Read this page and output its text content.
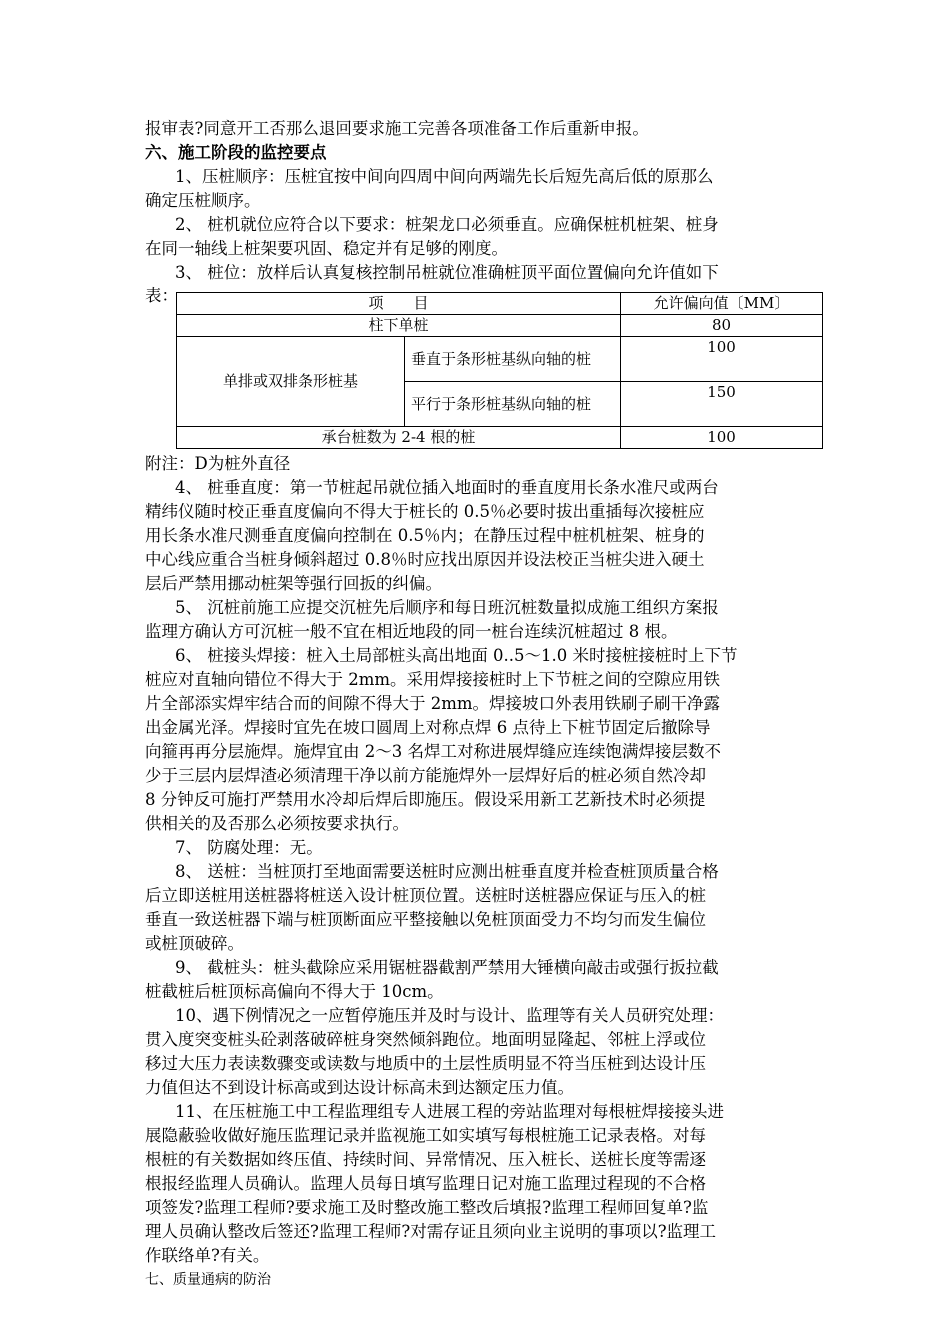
报审表?同意开工否那么退回要求施工完善各项准备工作后重新申报。
六、施工阶段的监控要点
1、压桩顺序：压桩宜按中间向四周中间向两端先长后短先高后低的原那么
确定压桩顺序。
2、 桩机就位应符合以下要求：桩架龙口必须垂直。应确保桩机桩架、桩身
在同一轴线上桩架要巩固、稳定并有足够的刚度。
3、 桩位：放样后认真复核控制吊桩就位准确桩顶平面位置偏向允许值如下
表：	项　　目		允许偏向值〔MM〕
柱下单桩		80
单排或双排条形桩基	垂直于条形桩基纵向轴的桩	100
	平行于条形桩基纵向轴的桩	150
承台桩数为 2-4 根的桩		100
附注：D为桩外直径
4、 桩垂直度：第一节桩起吊就位插入地面时的垂直度用长条水准尺或两台
精纬仪随时校正垂直度偏向不得大于桩长的 0.5％必要时拔出重插每次接桩应
用长条水准尺测垂直度偏向控制在 0.5％内；在静压过程中桩机桩架、桩身的
中心线应重合当桩身倾斜超过 0.8％时应找出原因并设法校正当桩尖进入硬土
层后严禁用挪动桩架等强行回扳的纠偏。
5、 沉桩前施工应提交沉桩先后顺序和每日班沉桩数量拟成施工组织方案报
监理方确认方可沉桩一般不宜在相近地段的同一桩台连续沉桩超过 8 根。
6、 桩接头焊接：桩入土局部桩头高出地面 0..5～1.0 米时接桩接桩时上下节
桩应对直轴向错位不得大于 2mm。采用焊接接桩时上下节桩之间的空隙应用铁
片全部添实焊牢结合而的间隙不得大于 2mm。焊接坡口外表用铁刷子刷干净露
出金属光泽。焊接时宜先在坡口圆周上对称点焊 6 点待上下桩节固定后撤除导
向箍再再分层施焊。施焊宜由 2～3 名焊工对称进展焊缝应连续饱满焊接层数不
少于三层内层焊渣必须清理干净以前方能施焊外一层焊好后的桩必须自然冷却
8 分钟反可施打严禁用水冷却后焊后即施压。假设采用新工艺新技术时必须提
供相关的及否那么必须按要求执行。
7、 防腐处理：无。
8、 送桩：当桩顶打至地面需要送桩时应测出桩垂直度并检查桩顶质量合格
后立即送桩用送桩器将桩送入设计桩顶位置。送桩时送桩器应保证与压入的桩
垂直一致送桩器下端与桩顶断面应平整接触以免桩顶面受力不均匀而发生偏位
或桩顶破碎。
9、 截桩头：桩头截除应采用锯桩器截割严禁用大锤横向敲击或强行扳拉截
桩截桩后桩顶标高偏向不得大于 10cm。
10、遇下例情况之一应暂停施压并及时与设计、监理等有关人员研究处理：
贯入度突变桩头砼剥落破碎桩身突然倾斜跑位。地面明显隆起、邻桩上浮或位
移过大压力表读数骤变或读数与地质中的土层性质明显不符当压桩到达设计压
力值但达不到设计标高或到达设计标高未到达额定压力值。
11、在压桩施工中工程监理组专人进展工程的旁站监理对每根桩焊接接头进
展隐蔽验收做好施压监理记录并监视施工如实填写每根桩施工记录表格。对每
根桩的有关数据如终压值、持续时间、异常情况、压入桩长、送桩长度等需逐
根报经监理人员确认。监理人员每日填写监理日记对施工监理过程现的不合格
项签发?监理工程师?要求施工及时整改施工整改后填报?监理工程师回复单?监
理人员确认整改后签还?监理工程师?对需存证且须向业主说明的事项以?监理工
作联络单?有关。
七、质量通病的防治
